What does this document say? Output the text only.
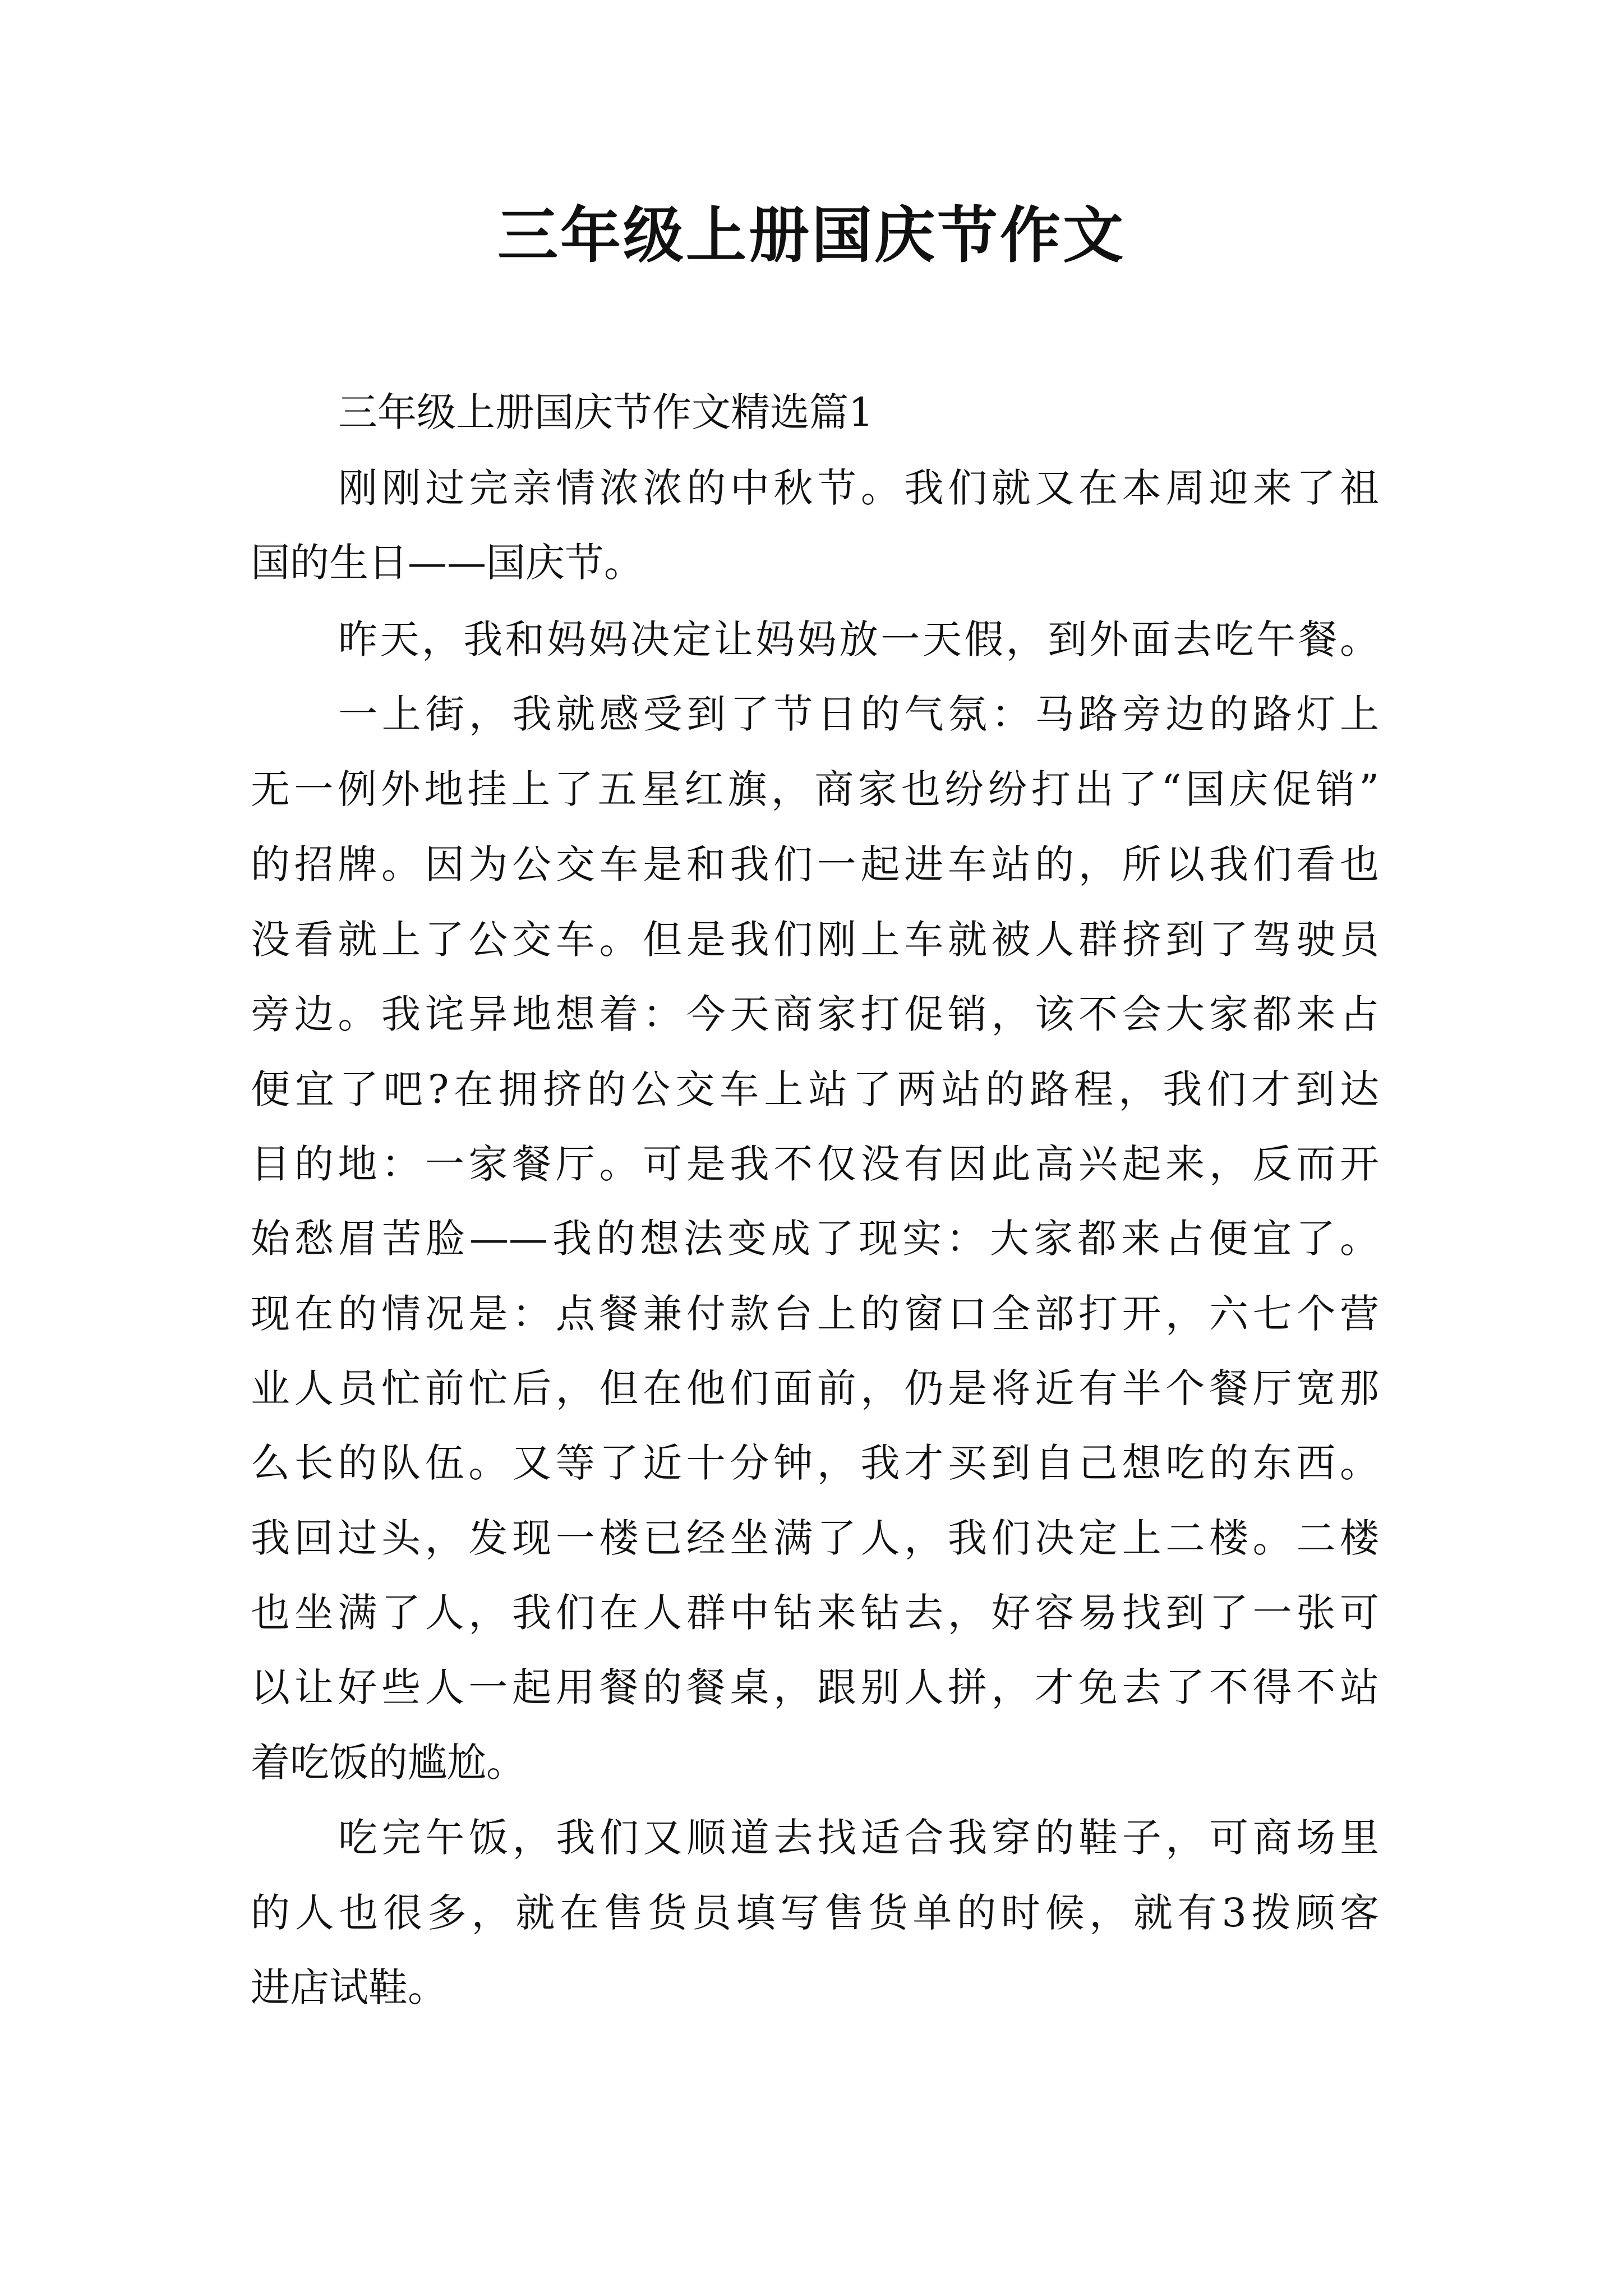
三年级上册国庆节作文
三年级上册国庆节作文精选篇1
刚刚过完亲情浓浓的中秋节。我们就又在本周迎来了祖
国的生日——国庆节。
昨天，我和妈妈决定让妈妈放一天假，到外面去吃午餐。
一上街，我就感受到了节日的气氛：马路旁边的路灯上
无一例外地挂上了五星红旗，商家也纷纷打出了“国庆促销”
的招牌。因为公交车是和我们一起进车站的，所以我们看也
没看就上了公交车。但是我们刚上车就被人群挤到了驾驶员
旁边。我诧异地想着：今天商家打促销，该不会大家都来占
便宜了吧?在拥挤的公交车上站了两站的路程，我们才到达
目的地：一家餐厅。可是我不仅没有因此高兴起来，反而开
始愁眉苦脸——我的想法变成了现实：大家都来占便宜了。
现在的情况是：点餐兼付款台上的窗口全部打开，六七个营
业人员忙前忙后，但在他们面前，仍是将近有半个餐厅宽那
么长的队伍。又等了近十分钟，我才买到自己想吃的东西。
我回过头，发现一楼已经坐满了人，我们决定上二楼。二楼
也坐满了人，我们在人群中钻来钻去，好容易找到了一张可
以让好些人一起用餐的餐桌，跟别人拼，才免去了不得不站
着吃饭的尴尬。
吃完午饭，我们又顺道去找适合我穿的鞋子，可商场里
的人也很多，就在售货员填写售货单的时候，就有3拨顾客
进店试鞋。
